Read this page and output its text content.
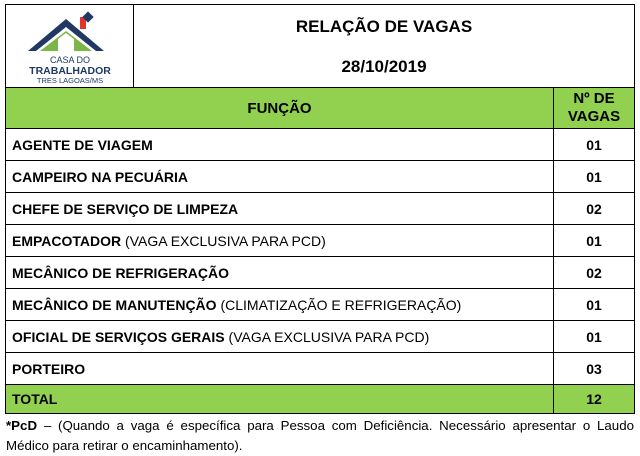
CASA DO
TRABALHADOR
TRES LAGOAS/MS

RELAÇÃO DE VAGAS
28/10/2019
FUNÇÃO	Nº DE
VAGAS
AGENTE DE VIAGEM	01
CAMPEIRO NA PECUÁRIA	01
CHEFE DE SERVIÇO DE LIMPEZA	02
EMPACOTADOR (VAGA EXCLUSIVA PARA PCD)	01
MECÂNICO DE REFRIGERAÇÃO	02
MECÂNICO DE MANUTENÇÃO (CLIMATIZAÇÃO E REFRIGERAÇÃO)	01
OFICIAL DE SERVIÇOS GERAIS (VAGA EXCLUSIVA PARA PCD)	01
PORTEIRO	03
TOTAL	12
*PcD – (Quando a vaga é específica para Pessoa com Deficiência. Necessário apresentar o Laudo Médico para retirar o encaminhamento).
